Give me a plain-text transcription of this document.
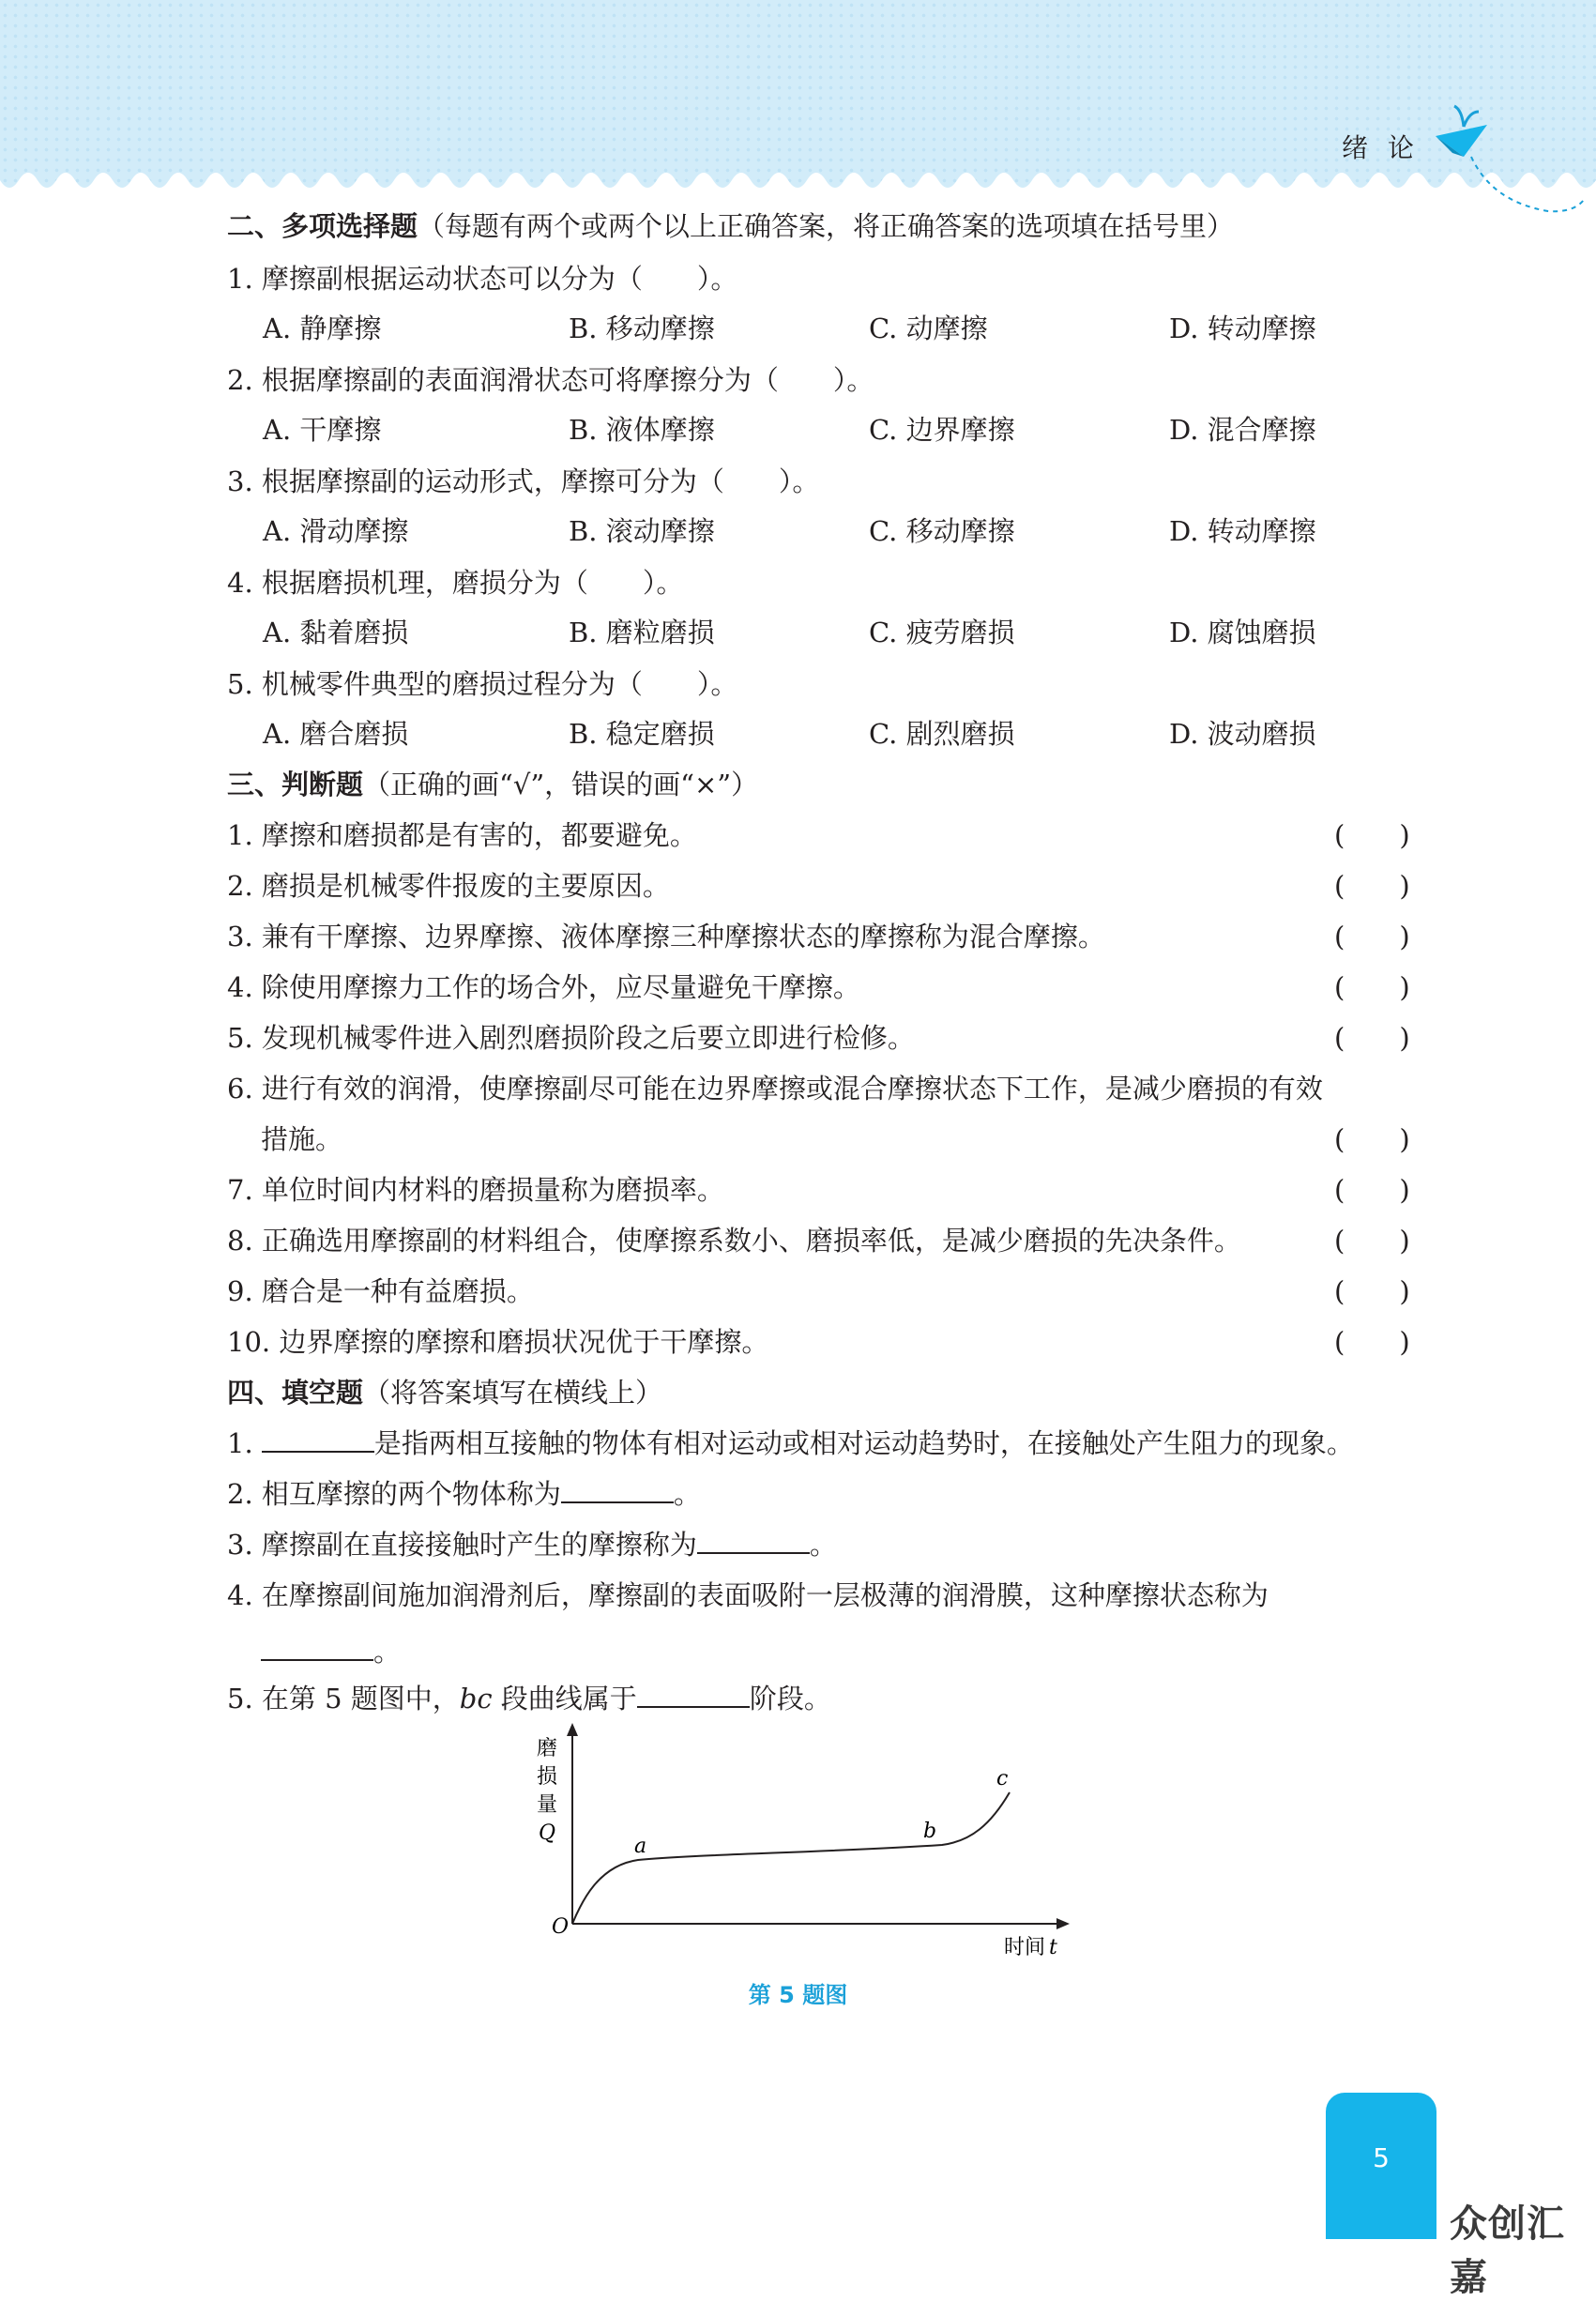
绪 论
二、多项选择题（每题有两个或两个以上正确答案，将正确答案的选项填在括号里）
1. 摩擦副根据运动状态可以分为（　　）。
A. 静摩擦	B. 移动摩擦	C. 动摩擦	D. 转动摩擦
2. 根据摩擦副的表面润滑状态可将摩擦分为（　　）。
A. 干摩擦	B. 液体摩擦	C. 边界摩擦	D. 混合摩擦
3. 根据摩擦副的运动形式，摩擦可分为（　　）。
A. 滑动摩擦	B. 滚动摩擦	C. 移动摩擦	D. 转动摩擦
4. 根据磨损机理，磨损分为（　　）。
A. 黏着磨损	B. 磨粒磨损	C. 疲劳磨损	D. 腐蚀磨损
5. 机械零件典型的磨损过程分为（　　）。
A. 磨合磨损	B. 稳定磨损	C. 剧烈磨损	D. 波动磨损
三、判断题（正确的画“√”，错误的画“×”）
1. 摩擦和磨损都是有害的，都要避免。	(　　)
2. 磨损是机械零件报废的主要原因。	(　　)
3. 兼有干摩擦、边界摩擦、液体摩擦三种摩擦状态的摩擦称为混合摩擦。	(　　)
4. 除使用摩擦力工作的场合外，应尽量避免干摩擦。	(　　)
5. 发现机械零件进入剧烈磨损阶段之后要立即进行检修。	(　　)
6. 进行有效的润滑，使摩擦副尽可能在边界摩擦或混合摩擦状态下工作，是减少磨损的有效
措施。	(　　)
7. 单位时间内材料的磨损量称为磨损率。	(　　)
8. 正确选用摩擦副的材料组合，使摩擦系数小、磨损率低，是减少磨损的先决条件。	(　　)
9. 磨合是一种有益磨损。	(　　)
10. 边界摩擦的摩擦和磨损状况优于干摩擦。	(　　)
四、填空题（将答案填写在横线上）
1.	是指两相互接触的物体有相对运动或相对运动趋势时，在接触处产生阻力的现象。
2. 相互摩擦的两个物体称为	。
3. 摩擦副在直接接触时产生的摩擦称为	。
4. 在摩擦副间施加润滑剂后，摩擦副的表面吸附一层极薄的润滑膜，这种摩擦状态称为
。
5. 在第 5 题图中，bc 段曲线属于	阶段。
磨
损
量
Q
O
时间 t
a
b
c
第 5 题图
5
众创汇嘉
